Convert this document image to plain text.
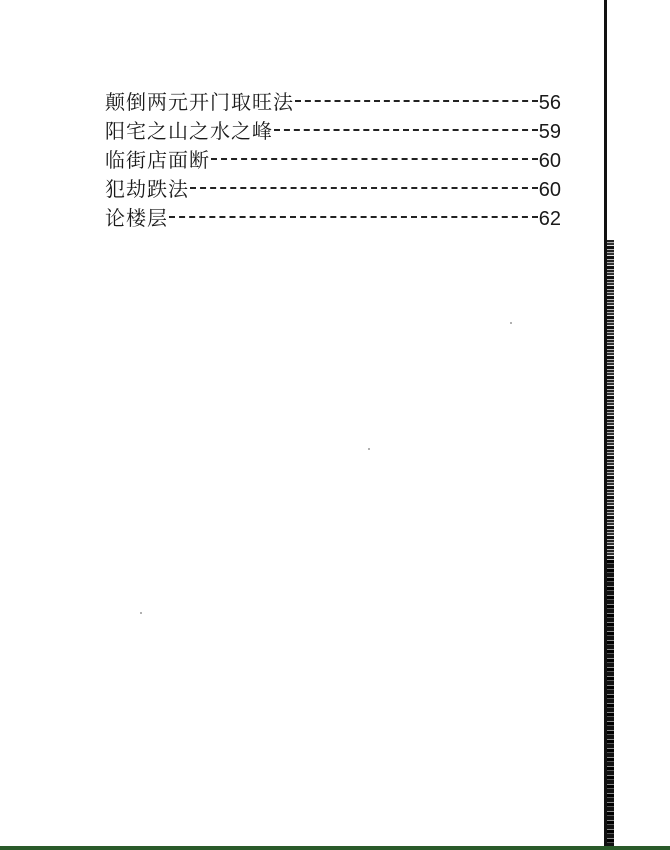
颠倒两元开门取旺法	56
阳宅之山之水之峰	59
临街店面断	60
犯劫跌法	60
论楼层	62
